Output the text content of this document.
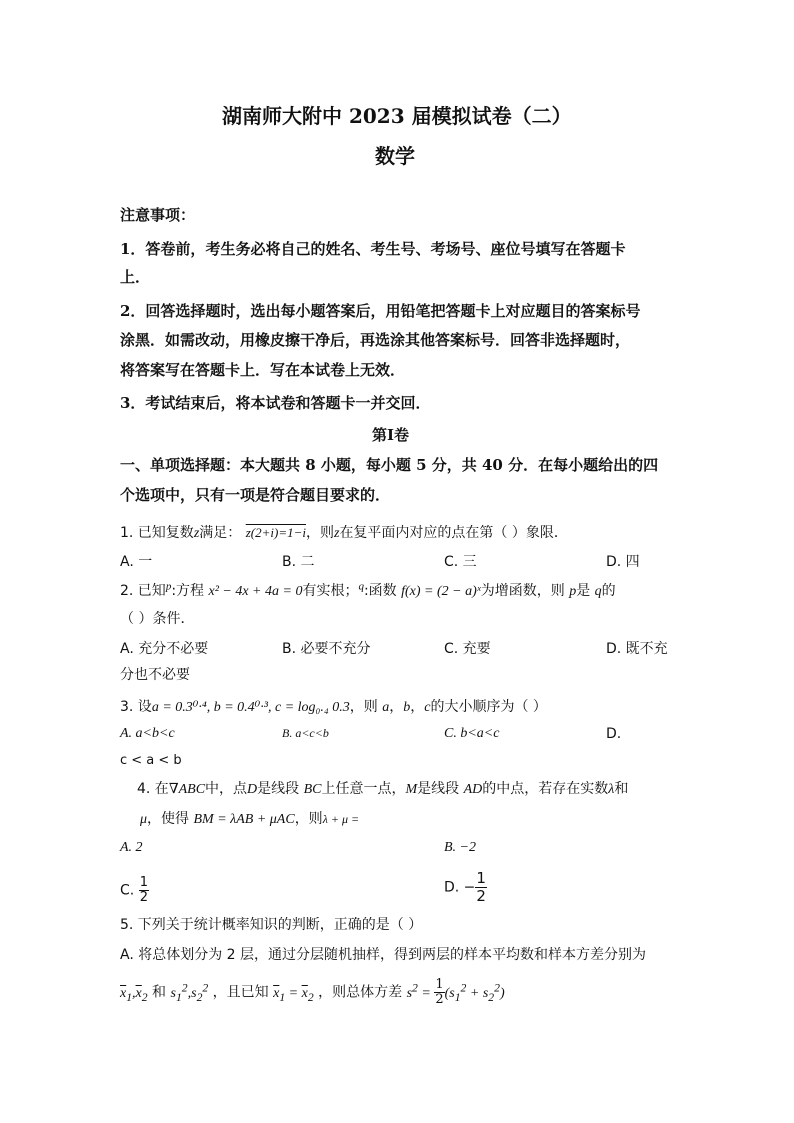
湖南师大附中 2023 届模拟试卷（二）
数学
注意事项：
1．答卷前，考生务必将自己的姓名、考生号、考场号、座位号填写在答题卡
上．
2．回答选择题时，选出每小题答案后，用铅笔把答题卡上对应题目的答案标号
涂黑．如需改动，用橡皮擦干净后，再选涂其他答案标号．回答非选择题时，
将答案写在答题卡上．写在本试卷上无效．
3．考试结束后，将本试卷和答题卡一并交回．
第Ⅰ卷
一、单项选择题：本大题共 8 小题，每小题 5 分，共 40 分．在每小题给出的四
个选项中，只有一项是符合题目要求的．
1. 已知复数z满足： z(2+i)=1−i，则z在复平面内对应的点在第（ ）象限．
A. 一	B. 二	C. 三	D. 四
2. 已知$^p$:方程 x² − 4x + 4a = 0有实根；$^q$:函数 f(x) = (2 − a)ˣ为增函数，则 p是 q的
（ ）条件．
A. 充分不必要	B. 必要不充分	C. 充要	D. 既不充
分也不必要
3. 设a = 0.3⁰·⁴, b = 0.4⁰·³, c = log₀.₄ 0.3，则 a，b，c的大小顺序为（ ）
A. a<b<c	B. a<c<b	C. b<a<c	D.
c < a < b
4. 在∇ABC中，点D是线段 BC上任意一点，M是线段 AD的中点，若存在实数λ和
μ，使得 BM = λAB + μAC，则λ + μ =
A. 2	B. −2
C. $\frac{1}{2}$	D. − $\frac{1}{2}$
5. 下列关于统计概率知识的判断，正确的是（ ）
A. 将总体划分为 2 层，通过分层随机抽样，得到两层的样本平均数和样本方差分别为
$\overline{x}_1,\overline{x}_2$ 和 $s_1^2,s_2^2$ ，且已知 $\overline{x}_1 = \overline{x}_2$ ，则总体方差 $s^2 = \frac{1}{2} (s_1^2 + s_2^2)$
